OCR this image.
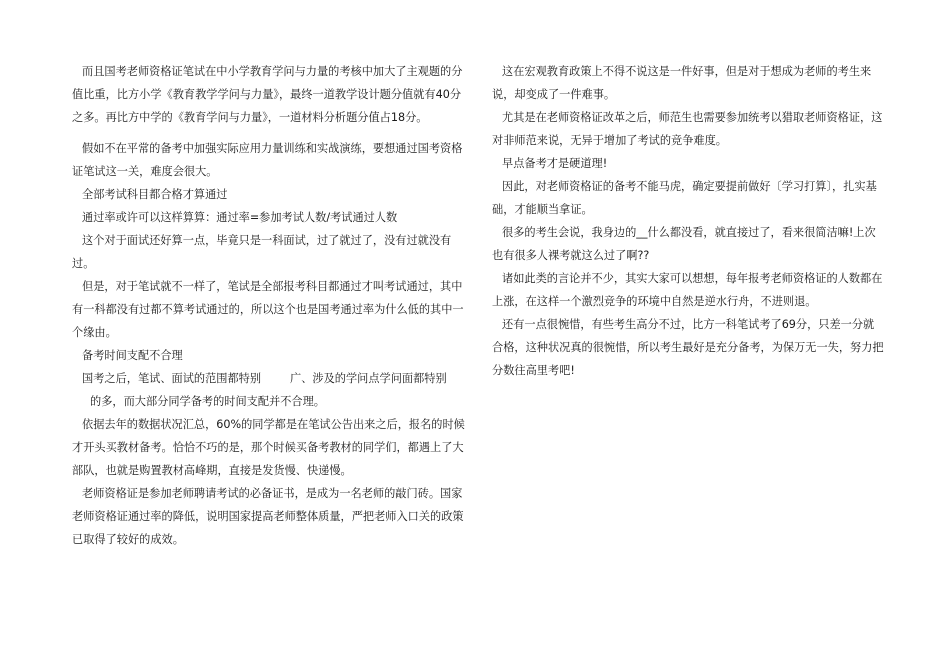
而且国考老师资格证笔试在中小学教育学问与力量的考核中加大了主观题的分值比重，比方小学《教育教学学问与力量》，最终一道教学设计题分值就有40分之多。再比方中学的《教育学问与力量》，一道材料分析题分值占18分。

假如不在平常的备考中加强实际应用力量训练和实战演练，要想通过国考资格证笔试这一关，难度会很大。

全部考试科目都合格才算通过

通过率或许可以这样算算：通过率=参加考试人数/考试通过人数

这个对于面试还好算一点，毕竟只是一科面试，过了就过了，没有过就没有过。

但是，对于笔试就不一样了，笔试是全部报考科目都通过才叫考试通过，其中有一科都没有过都不算考试通过的，所以这个也是国考通过率为什么低的其中一个缘由。

备考时间支配不合理

国考之后，笔试、面试的范围都特别	广、涉及的学问点学问面都特别

的多，而大部分同学备考的时间支配并不合理。

依据去年的数据状况汇总，60%的同学都是在笔试公告出来之后，报名的时候才开头买教材备考。恰恰不巧的是，那个时候买备考教材的同学们，都遇上了大部队，也就是购置教材高峰期，直接是发货慢、快递慢。

老师资格证是参加老师聘请考试的必备证书，是成为一名老师的敲门砖。国家老师资格证通过率的降低，说明国家提高老师整体质量，严把老师入口关的政策已取得了较好的成效。

这在宏观教育政策上不得不说这是一件好事，但是对于想成为老师的考生来说，却变成了一件难事。

尤其是在老师资格证改革之后，师范生也需要参加统考以猎取老师资格证，这对非师范来说，无异于增加了考试的竞争难度。

早点备考才是硬道理!

因此，对老师资格证的备考不能马虎，确定要提前做好〔学习打算〕，扎实基础，才能顺当拿证。

很多的考生会说，我身边的__什么都没看，就直接过了，看来很简洁嘛!上次也有很多人裸考就这么过了啊??

诸如此类的言论并不少，其实大家可以想想，每年报考老师资格证的人数都在上涨，在这样一个激烈竞争的环境中自然是逆水行舟，不进则退。

还有一点很惋惜，有些考生高分不过，比方一科笔试考了69分，只差一分就合格，这种状况真的很惋惜，所以考生最好是充分备考，为保万无一失，努力把分数往高里考吧!
